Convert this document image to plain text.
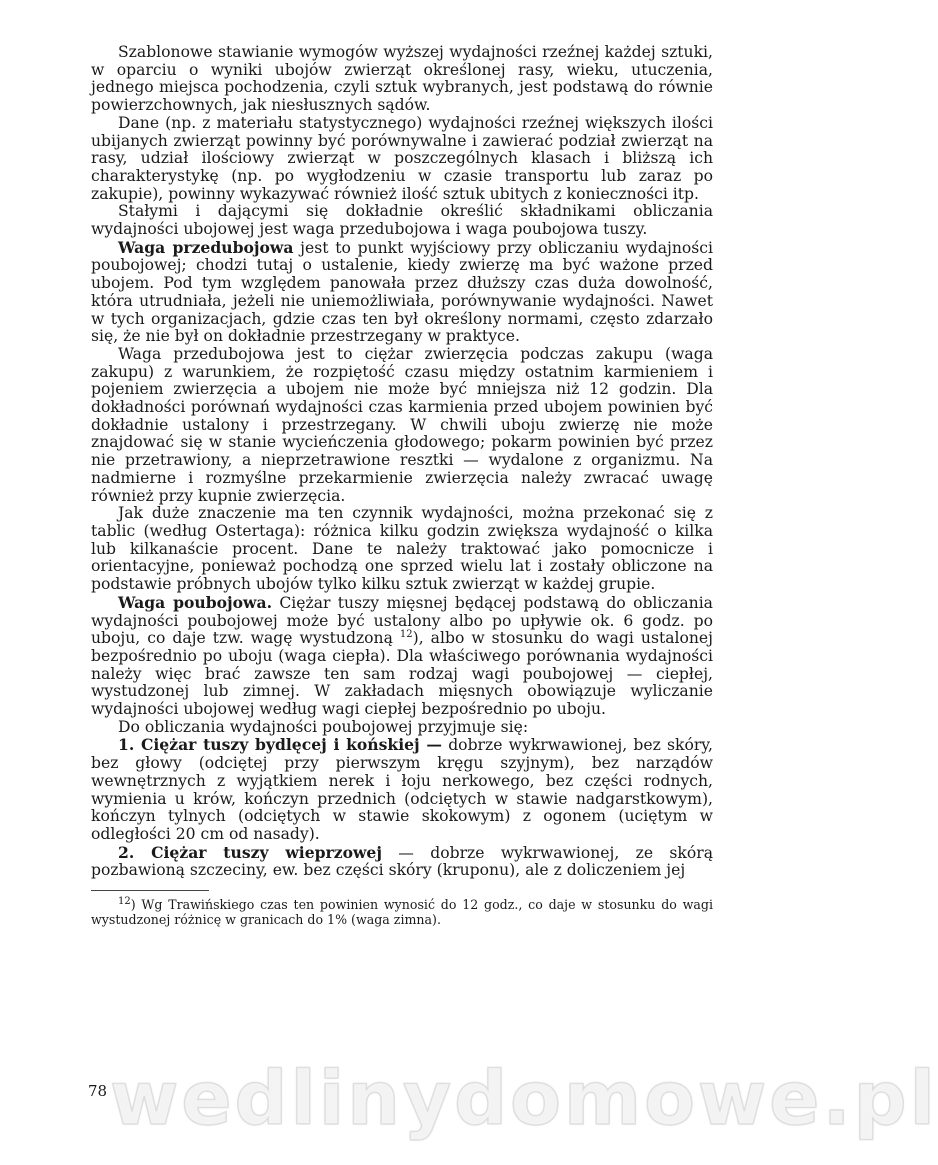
Szablonowe stawianie wymogów wyższej wydajności rzeźnej każdej sztuki, w oparciu o wyniki ubojów zwierząt określonej rasy, wieku, utuczenia, jednego miejsca pochodzenia, czyli sztuk wybranych, jest podstawą do równie powierzchownych, jak niesłusznych sądów.

Dane (np. z materiału statystycznego) wydajności rzeźnej większych ilości ubijanych zwierząt powinny być porównywalne i zawierać podział zwierząt na rasy, udział ilościowy zwierząt w poszczególnych klasach i bliższą ich charakterystykę (np. po wygłodzeniu w czasie transportu lub zaraz po zakupie), powinny wykazywać również ilość sztuk ubitych z konieczności itp.

Stałymi i dającymi się dokładnie określić składnikami obliczania wydajności ubojowej jest waga przedubojowa i waga poubojowa tuszy.

Waga przedubojowa jest to punkt wyjściowy przy obliczaniu wydajności poubojowej; chodzi tutaj o ustalenie, kiedy zwierzę ma być ważone przed ubojem. Pod tym względem panowała przez dłuższy czas duża dowolność, która utrudniała, jeżeli nie uniemożliwiała, porównywanie wydajności. Nawet w tych organizacjach, gdzie czas ten był określony normami, często zdarzało się, że nie był on dokładnie przestrzegany w praktyce.

Waga przedubojowa jest to ciężar zwierzęcia podczas zakupu (waga zakupu) z warunkiem, że rozpiętość czasu między ostatnim karmieniem i pojeniem zwierzęcia a ubojem nie może być mniejsza niż 12 godzin. Dla dokładności porównań wydajności czas karmienia przed ubojem powinien być dokładnie ustalony i przestrzegany. W chwili uboju zwierzę nie może znajdować się w stanie wycieńczenia głodowego; pokarm powinien być przez nie przetrawiony, a nieprzetrawione resztki — wydalone z organizmu. Na nadmierne i rozmyślne przekarmienie zwierzęcia należy zwracać uwagę również przy kupnie zwierzęcia.

Jak duże znaczenie ma ten czynnik wydajności, można przekonać się z tablic (według Ostertaga): różnica kilku godzin zwiększa wydajność o kilka lub kilkanaście procent. Dane te należy traktować jako pomocnicze i orientacyjne, ponieważ pochodzą one sprzed wielu lat i zostały obliczone na podstawie próbnych ubojów tylko kilku sztuk zwierząt w każdej grupie.

Waga poubojowa. Ciężar tuszy mięsnej będącej podstawą do obliczania wydajności poubojowej może być ustalony albo po upływie ok. 6 godz. po uboju, co daje tzw. wagę wystudzoną $^{12}$), albo w stosunku do wagi ustalonej bezpośrednio po uboju (waga ciepła). Dla właściwego porównania wydajności należy więc brać zawsze ten sam rodzaj wagi poubojowej — ciepłej, wystudzonej lub zimnej. W zakładach mięsnych obowiązuje wyliczanie wydajności ubojowej według wagi ciepłej bezpośrednio po uboju.

Do obliczania wydajności poubojowej przyjmuje się:

1. Ciężar tuszy bydlęcej i końskiej — dobrze wykrwawionej, bez skóry, bez głowy (odciętej przy pierwszym kręgu szyjnym), bez narządów wewnętrznych z wyjątkiem nerek i łoju nerkowego, bez części rodnych, wymienia u krów, kończyn przednich (odciętych w stawie nadgarstkowym), kończyn tylnych (odciętych w stawie skokowym) z ogonem (uciętym w odległości 20 cm od nasady).

2. Ciężar tuszy wieprzowej — dobrze wykrwawionej, ze skórą pozbawioną szczeciny, ew. bez części skóry (kruponu), ale z doliczeniem jej

$^{12}$) Wg Trawińskiego czas ten powinien wynosić do 12 godz., co daje w stosunku do wagi wystudzonej różnicę w granicach do 1% (waga zimna).

78 wedlinydomowe.pl
